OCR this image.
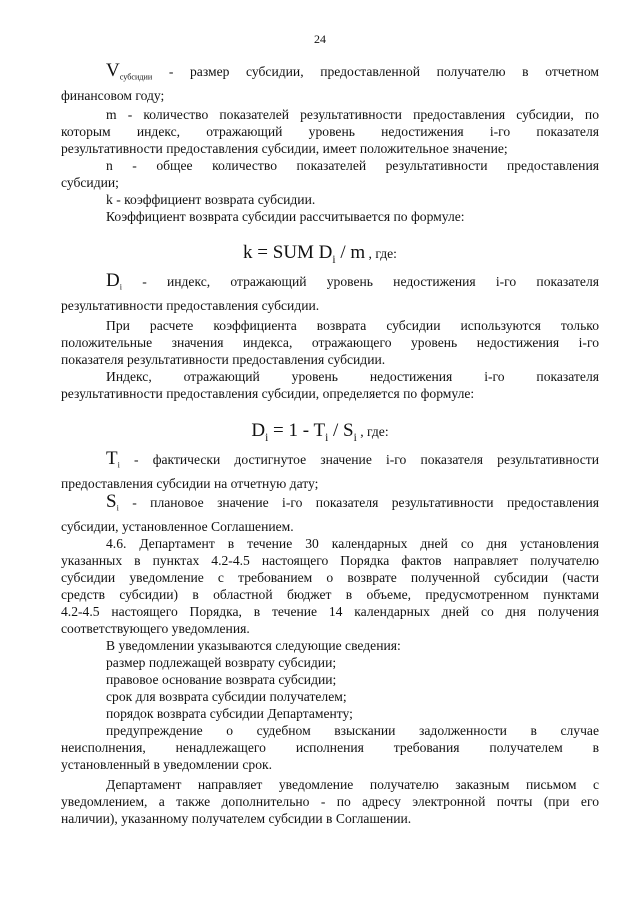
24
$V_{субсидии}$ - размер субсидии, предоставленной получателю в отчетном
финансовом году;
m - количество показателей результативности предоставления субсидии, по
которым индекс, отражающий уровень недостижения i-го показателя
результативности предоставления субсидии, имеет положительное значение;
n - общее количество показателей результативности предоставления
субсидии;
k - коэффициент возврата субсидии.
Коэффициент возврата субсидии рассчитывается по формуле:
k = SUM $D_i$ / m , где:
$D_i$ - индекс, отражающий уровень недостижения i-го показателя
результативности предоставления субсидии.
При расчете коэффициента возврата субсидии используются только
положительные значения индекса, отражающего уровень недостижения i-го
показателя результативности предоставления субсидии.
Индекс, отражающий уровень недостижения i-го показателя
результативности предоставления субсидии, определяется по формуле:
$D_i = 1 - T_i / S_i$ , где:
$T_i$ - фактически достигнутое значение i-го показателя результативности
предоставления субсидии на отчетную дату;
$S_i$ - плановое значение i-го показателя результативности предоставления
субсидии, установленное Соглашением.
4.6. Департамент в течение 30 календарных дней со дня установления
указанных в пунктах 4.2-4.5 настоящего Порядка фактов направляет получателю
субсидии уведомление с требованием о возврате полученной субсидии (части
средств субсидии) в областной бюджет в объеме, предусмотренном пунктами
4.2-4.5 настоящего Порядка, в течение 14 календарных дней со дня получения
соответствующего уведомления.
В уведомлении указываются следующие сведения:
размер подлежащей возврату субсидии;
правовое основание возврата субсидии;
срок для возврата субсидии получателем;
порядок возврата субсидии Департаменту;
предупреждение о судебном взыскании задолженности в случае
неисполнения, ненадлежащего исполнения требования получателем в
установленный в уведомлении срок.
Департамент направляет уведомление получателю заказным письмом с
уведомлением, а также дополнительно - по адресу электронной почты (при его
наличии), указанному получателем субсидии в Соглашении.
